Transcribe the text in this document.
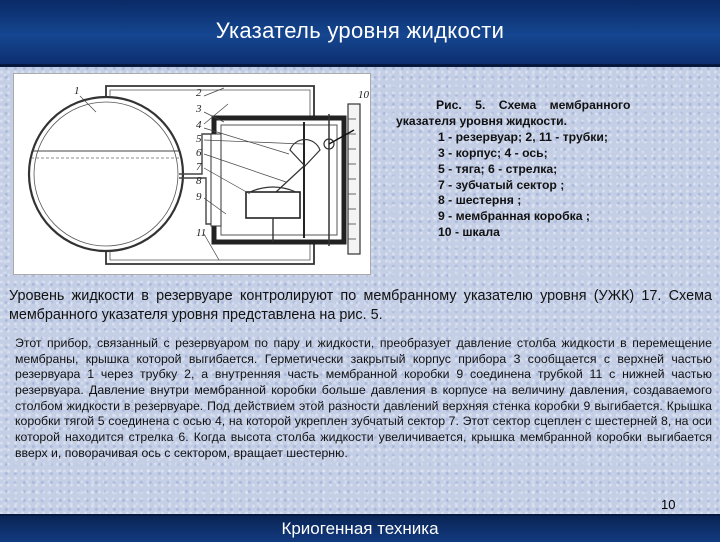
Указатель уровня жидкости
1	2
3
4
5
6
7
8
9
10
11
Рис. 5. Схема мембранного
указателя уровня жидкости.
1 - резервуар; 2, 11 - трубки;
3 - корпус; 4 - ось;
5 - тяга; 6 - стрелка;
7 - зубчатый сектор ;
8 - шестерня ;
9 - мембранная коробка ;
10 - шкала
Уровень жидкости в резервуаре контролируют по мембранному указателю уровня (УЖК) 17. Схема мембранного указателя уровня представлена на рис. 5.
Этот прибор, связанный с резервуаром по пару и жидкости, преобразует давление столба жидкости в перемещение мембраны, крышка которой выгибается. Герметически закрытый корпус прибора 3 сообщается с верхней частью резервуара 1 через трубку 2, а внутренняя часть мембранной коробки 9 соединена трубкой 11 с нижней частью резервуара. Давление внутри мембранной коробки больше давления в корпусе на величину давления, создаваемого столбом жидкости в резервуаре. Под действием этой разности давлений верхняя стенка коробки 9 выгибается. Крышка коробки тягой 5 соединена с осью 4, на которой укреплен зубчатый сектор 7. Этот сектор сцеплен с шестерней 8, на оси которой находится стрелка 6. Когда высота столба жидкости увеличивается, крышка мембранной коробки выгибается вверх и, поворачивая ось с сектором, вращает шестерню.
10
Криогенная техника
